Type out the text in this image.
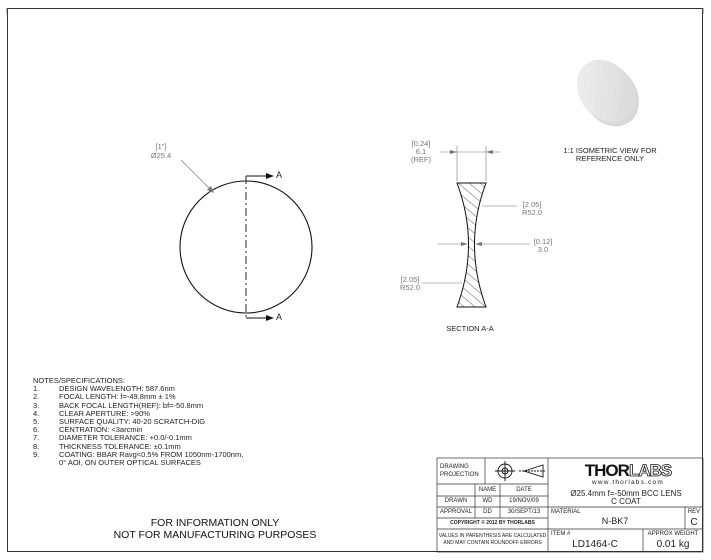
[1"]
Ø25.4
A
A
[0.24]
6.1
(REF)
[2.05]
R52.0
[0.12]
3.0
[2.05]
R52.0
SECTION A-A
1:1 ISOMETRIC VIEW FOR
REFERENCE ONLY
NOTES/SPECIFICATIONS:
1.	DESIGN WAVELENGTH: 587.6nm
2.	FOCAL LENGTH: f=-49.8mm ± 1%
3.	BACK FOCAL LENGTH(REF): bf=-50.8mm
4.	CLEAR APERTURE: >90%
5.	SURFACE QUALITY: 40-20 SCRATCH-DIG
6.	CENTRATION: <3arcmin
7.	DIAMETER TOLERANCE: +0.0/-0.1mm
8.	THICKNESS TOLERANCE: ±0.1mm
9.	COATING: BBAR Ravg<0.5% FROM 1050nm-1700nm,
0° AOI, ON OUTER OPTICAL SURFACES
FOR INFORMATION ONLY
NOT FOR MANUFACTURING PURPOSES
DRAWING
PROJECTION
NAME	DATE
DRAWN	WD	19/NOV/09
APPROVAL	DD	30/SEPT/13
COPYRIGHT © 2012 BY THORLABS
VALUES IN PARENTHESIS ARE CALCULATED
AND MAY CONTAIN ROUNDOFF ERRORS
THORLABS
www.thorlabs.com
Ø25.4mm f=-50mm BCC LENS
C COAT
MATERIAL
N-BK7
REV
C
ITEM #
LD1464-C
APPROX WEIGHT
0.01 kg
